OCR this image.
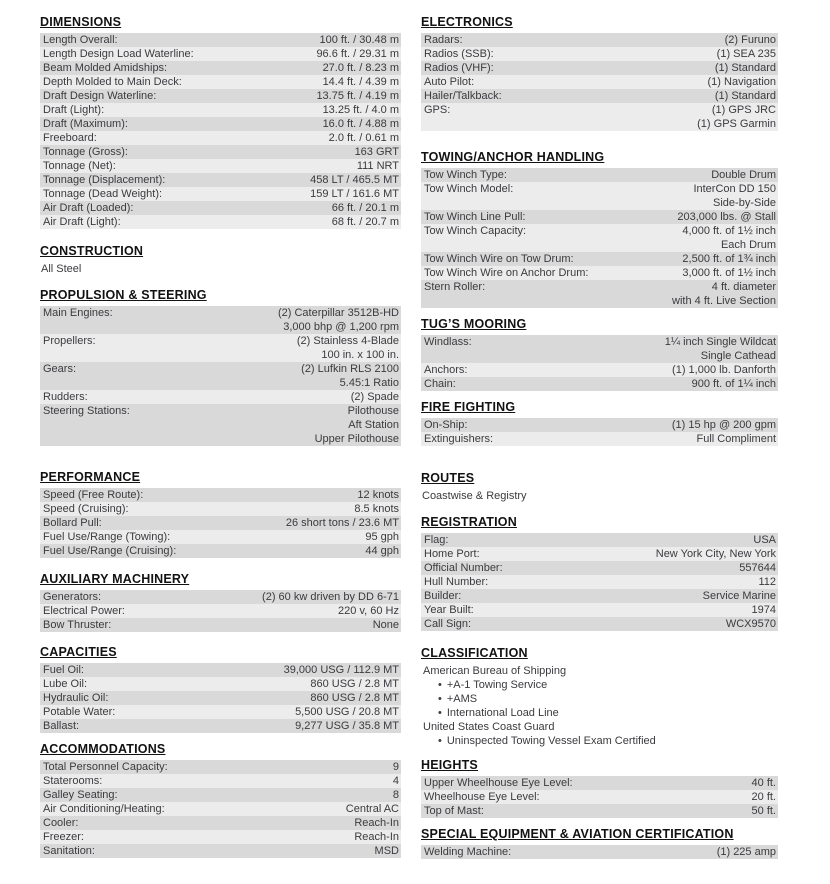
DIMENSIONS
Length Overall:	100 ft. / 30.48 m
Length Design Load Waterline:	96.6 ft. / 29.31 m
Beam Molded Amidships:	27.0 ft. / 8.23 m
Depth Molded to Main Deck:	14.4 ft. / 4.39 m
Draft Design Waterline:	13.75 ft. / 4.19 m
Draft (Light):	13.25 ft. / 4.0 m
Draft (Maximum):	16.0 ft. / 4.88 m
Freeboard:	2.0 ft. / 0.61 m
Tonnage (Gross):	163 GRT
Tonnage (Net):	111 NRT
Tonnage (Displacement):	458 LT / 465.5 MT
Tonnage (Dead Weight):	159 LT / 161.6 MT
Air Draft (Loaded):	66 ft. / 20.1 m
Air Draft (Light):	68 ft. / 20.7 m
CONSTRUCTION
All Steel
PROPULSION & STEERING
Main Engines:	(2) Caterpillar 3512B-HD
3,000 bhp @ 1,200 rpm
Propellers:	(2) Stainless 4-Blade
100 in. x 100 in.
Gears:	(2) Lufkin RLS 2100
5.45:1 Ratio
Rudders:	(2) Spade
Steering Stations:	Pilothouse
Aft Station
Upper Pilothouse
PERFORMANCE
Speed (Free Route):	12 knots
Speed (Cruising):	8.5 knots
Bollard Pull:	26 short tons / 23.6 MT
Fuel Use/Range (Towing):	95 gph
Fuel Use/Range (Cruising):	44 gph
AUXILIARY MACHINERY
Generators:	(2) 60 kw driven by DD 6-71
Electrical Power:	220 v, 60 Hz
Bow Thruster:	None
CAPACITIES
Fuel Oil:	39,000 USG / 112.9 MT
Lube Oil:	860 USG / 2.8 MT
Hydraulic Oil:	860 USG / 2.8 MT
Potable Water:	5,500 USG / 20.8 MT
Ballast:	9,277 USG / 35.8 MT
ACCOMMODATIONS
Total Personnel Capacity:	9
Staterooms:	4
Galley Seating:	8
Air Conditioning/Heating:	Central AC
Cooler:	Reach-In
Freezer:	Reach-In
Sanitation:	MSD
ELECTRONICS
Radars:	(2) Furuno
Radios (SSB):	(1) SEA 235
Radios (VHF):	(1) Standard
Auto Pilot:	(1) Navigation
Hailer/Talkback:	(1) Standard
GPS:	(1) GPS JRC
(1) GPS Garmin
TOWING/ANCHOR HANDLING
Tow Winch Type:	Double Drum
Tow Winch Model:	InterCon DD 150
Side-by-Side
Tow Winch Line Pull:	203,000 lbs. @ Stall
Tow Winch Capacity:	4,000 ft. of 1½ inch
Each Drum
Tow Winch Wire on Tow Drum:	2,500 ft. of 1¾ inch
Tow Winch Wire on Anchor Drum:	3,000 ft. of 1½ inch
Stern Roller:	4 ft. diameter
with 4 ft. Live Section
TUG’S MOORING
Windlass:	1¼ inch Single Wildcat
Single Cathead
Anchors:	(1) 1,000 lb. Danforth
Chain:	900 ft. of 1¼ inch
FIRE FIGHTING
On-Ship:	(1) 15 hp @ 200 gpm
Extinguishers:	Full Compliment
ROUTES
Coastwise & Registry
REGISTRATION
Flag:	USA
Home Port:	New York City, New York
Official Number:	557644
Hull Number:	112
Builder:	Service Marine
Year Built:	1974
Call Sign:	WCX9570
CLASSIFICATION
American Bureau of Shipping
• +A-1 Towing Service
• +AMS
• International Load Line
United States Coast Guard
• Uninspected Towing Vessel Exam Certified
HEIGHTS
Upper Wheelhouse Eye Level:	40 ft.
Wheelhouse Eye Level:	20 ft.
Top of Mast:	50 ft.
SPECIAL EQUIPMENT & AVIATION CERTIFICATION
Welding Machine:	(1) 225 amp
